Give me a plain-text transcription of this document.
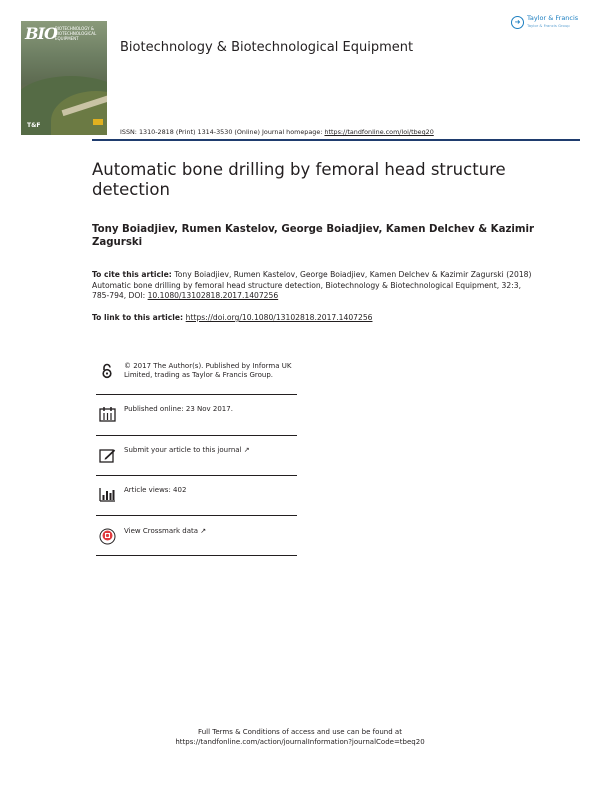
BIO
BIOTECHNOLOGY & BIOTECHNOLOGICAL EQUIPMENT
T&F
Biotechnology & Biotechnological Equipment
➜	Taylor & Francis
Taylor & Francis Group
ISSN: 1310-2818 (Print) 1314-3530 (Online) Journal homepage: https://tandfonline.com/loi/tbeq20
Automatic bone drilling by femoral head structure detection
Tony Boiadjiev, Rumen Kastelov, George Boiadjiev, Kamen Delchev & Kazimir Zagurski
To cite this article: Tony Boiadjiev, Rumen Kastelov, George Boiadjiev, Kamen Delchev & Kazimir Zagurski (2018) Automatic bone drilling by femoral head structure detection, Biotechnology & Biotechnological Equipment, 32:3, 785-794, DOI: 10.1080/13102818.2017.1407256
To link to this article: https://doi.org/10.1080/13102818.2017.1407256
© 2017 The Author(s). Published by Informa UK Limited, trading as Taylor & Francis Group.
Published online: 23 Nov 2017.
Submit your article to this journal ↗
Article views: 402
View Crossmark data ↗
Full Terms & Conditions of access and use can be found at
https://tandfonline.com/action/journalInformation?journalCode=tbeq20
